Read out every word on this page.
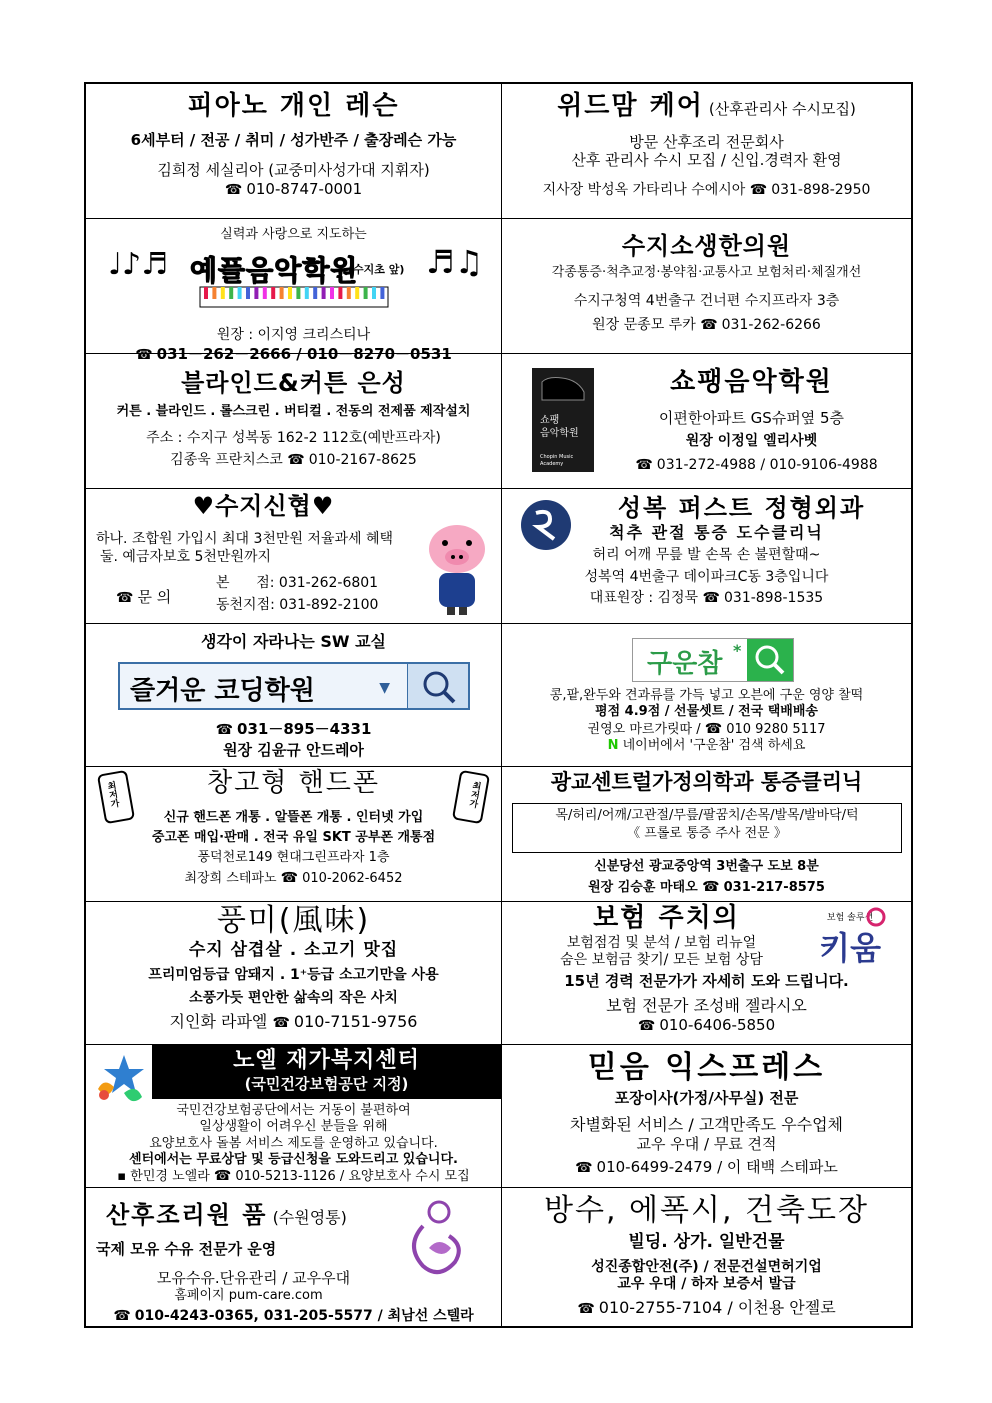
피아노 개인 레슨
6세부터 / 전공 / 취미 / 성가반주 / 출장레슨 가능
김희정 세실리아 (교중미사성가대 지휘자)
☎ 010-8747-0001
위드맘 케어 (산후관리사 수시모집)
방문 산후조리 전문회사
산후 관리사 수시 모집 / 신입.경력자 환영
지사장 박성옥 가타리나 수에시아 ☎ 031-898-2950
실력과 사랑으로 지도하는
♩♪♬ 예플음악학원
(수지초 앞) ♬♫
원장 : 이지영 크리스티나
☎ 031－262－2666 / 010－8270－0531
수지소생한의원
각종통증·척추교정·봉약침·교통사고 보험처리·체질개선
수지구청역 4번출구 건너편 수지프라자 3층
원장 문종모 루카 ☎ 031-262-6266
블라인드&커튼 은성
커튼 . 블라인드 . 롤스크린 . 버티컬 . 전동의 전제품 제작설치
주소 : 수지구 성복동 162-2 112호(예반프라자)
김종욱 프란치스코 ☎ 010-2167-8625
쇼팽
음악학원
Chopin Music Academy
쇼팽음악학원
이편한아파트 GS슈퍼옆 5층
원장 이정일 엘리사벳
☎ 031-272-4988 / 010-9106-4988
♥수지신협♥
하나. 조합원 가입시 최대 3천만원 저율과세 혜택
둘. 예금자보호 5천만원까지
☎ 문 의
본      점: 031-262-6801
동천지점: 031-892-2100
성복 퍼스트 정형외과
척추 관절 통증 도수클리닉
허리 어깨 무릎 발 손목 손 불편할때~
성복역 4번출구 데이파크C동 3층입니다
대표원장 : 김정묵 ☎ 031-898-1535
생각이 자라나는 SW 교실
즐거운 코딩학원	▼
☎ 031－895－4331
원장 김윤규 안드레아
구운참 *
콩,팥,완두와 견과류를 가득 넣고 오븐에 구운 영양 찰떡
평점 4.9점 / 선물셋트 / 전국 택배배송
권영오 마르가릿따 / ☎ 010 9280 5117
N 네이버에서 '구운참' 검색 하세요
최저가	최저가
창고형 핸드폰
신규 핸드폰 개통 . 알뜰폰 개통 . 인터넷 가입
중고폰 매입·판매 . 전국 유일 SKT 공부폰 개통점
풍덕천로149 현대그린프라자 1층
최장희 스테파노 ☎ 010-2062-6452
광교센트럴가정의학과 통증클리닉
목/허리/어깨/고관절/무릎/팔꿈치/손목/발목/발바닥/턱
《 프롤로 통증 주사 전문 》
신분당선 광교중앙역 3번출구 도보 8분
원장 김승훈 마태오 ☎ 031-217-8575
풍미(風味)
수지 삼겹살 . 소고기 맛집
프리미엄등급 암돼지 . 1⁺등급 소고기만을 사용
소풍가듯 편안한 삶속의 작은 사치
지인화 라파엘 ☎ 010-7151-9756
보험 주치의	보험 솔루션
키움
보험점검 및 분석 / 보험 리뉴얼
숨은 보험금 찾기/ 모든 보험 상담
15년 경력 전문가가 자세히 도와 드립니다.
보험 전문가 조성배 젤라시오
☎ 010-6406-5850
노엘 재가복지센터
(국민건강보험공단 지정)
국민건강보험공단에서는 거동이 불편하여
일상생활이 어려우신 분들을 위해
요양보호사 돌봄 서비스 제도를 운영하고 있습니다.
센터에서는 무료상담 및 등급신청을 도와드리고 있습니다.
▪ 한민경 노엘라 ☎ 010-5213-1126 / 요양보호사 수시 모집
믿음 익스프레스
포장이사(가정/사무실) 전문
차별화된 서비스 / 고객만족도 우수업체
교우 우대 / 무료 견적
☎ 010-6499-2479 / 이 태백 스테파노
산후조리원 품 (수원영통)
국제 모유 수유 전문가 운영
모유수유.단유관리 / 교우우대
홈페이지 pum-care.com
☎ 010-4243-0365, 031-205-5577 / 최남선 스텔라
방수, 에폭시, 건축도장
빌딩. 상가. 일반건물
성진종합안전(주) / 전문건설면허기업
교우 우대 / 하자 보증서 발급
☎ 010-2755-7104 / 이천용 안젤로
